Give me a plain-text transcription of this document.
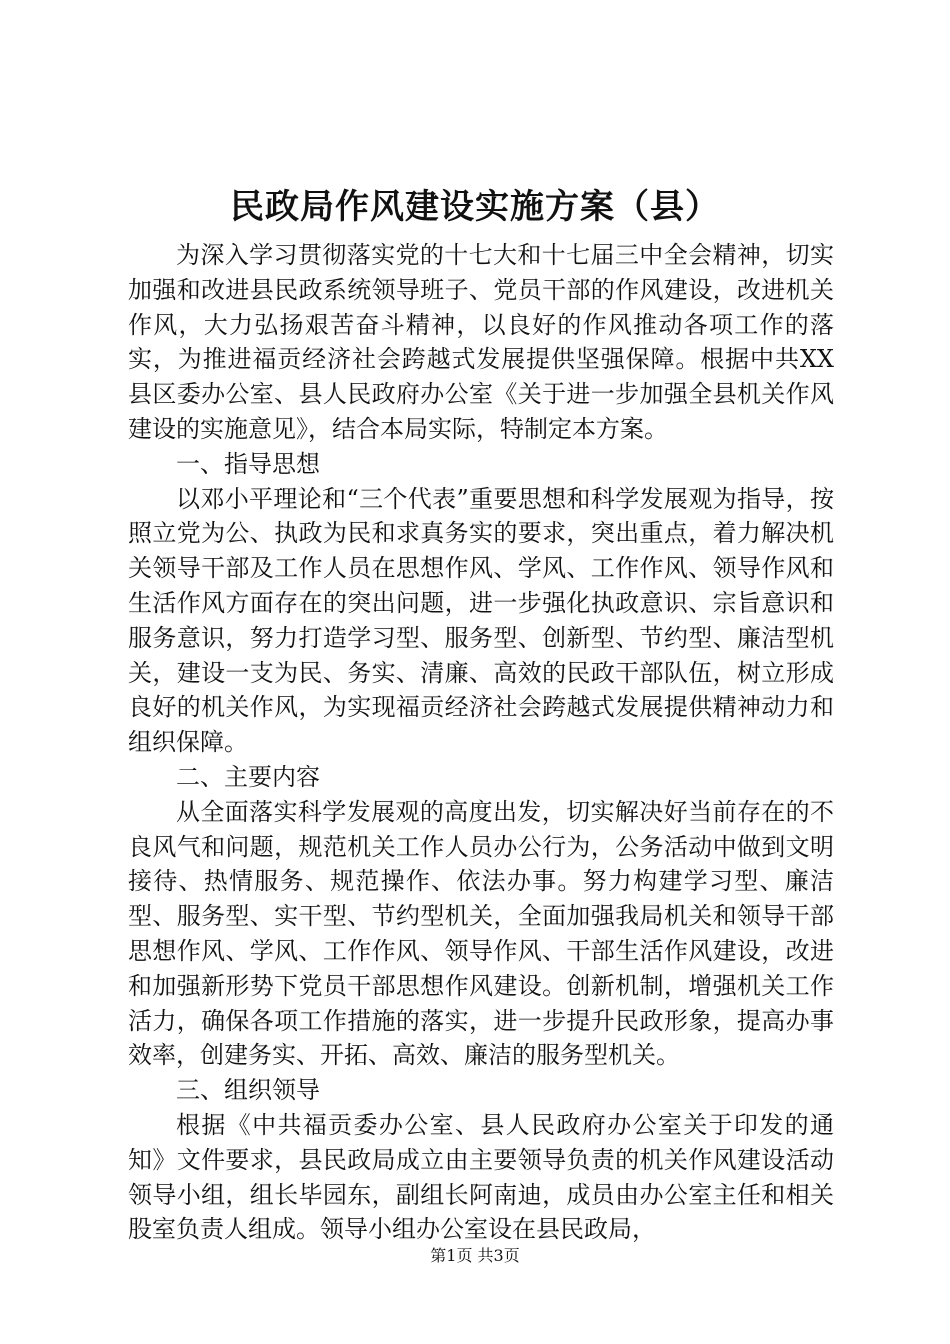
民政局作风建设实施方案（县）

为深入学习贯彻落实党的十七大和十七届三中全会精神，切实加强和改进县民政系统领导班子、党员干部的作风建设，改进机关作风，大力弘扬艰苦奋斗精神，以良好的作风推动各项工作的落实，为推进福贡经济社会跨越式发展提供坚强保障。根据中共XX县区委办公室、县人民政府办公室《关于进一步加强全县机关作风建设的实施意见》，结合本局实际，特制定本方案。

一、指导思想

以邓小平理论和“三个代表”重要思想和科学发展观为指导，按照立党为公、执政为民和求真务实的要求，突出重点，着力解决机关领导干部及工作人员在思想作风、学风、工作作风、领导作风和生活作风方面存在的突出问题，进一步强化执政意识、宗旨意识和服务意识，努力打造学习型、服务型、创新型、节约型、廉洁型机关，建设一支为民、务实、清廉、高效的民政干部队伍，树立形成良好的机关作风，为实现福贡经济社会跨越式发展提供精神动力和组织保障。

二、主要内容

从全面落实科学发展观的高度出发，切实解决好当前存在的不良风气和问题，规范机关工作人员办公行为，公务活动中做到文明接待、热情服务、规范操作、依法办事。努力构建学习型、廉洁型、服务型、实干型、节约型机关，全面加强我局机关和领导干部思想作风、学风、工作作风、领导作风、干部生活作风建设，改进和加强新形势下党员干部思想作风建设。创新机制，增强机关工作活力，确保各项工作措施的落实，进一步提升民政形象，提高办事效率，创建务实、开拓、高效、廉洁的服务型机关。

三、组织领导

根据《中共福贡委办公室、县人民政府办公室关于印发的通知》文件要求，县民政局成立由主要领导负责的机关作风建设活动领导小组，组长毕园东，副组长阿南迪，成员由办公室主任和相关股室负责人组成。领导小组办公室设在县民政局，

第1页 共3页
